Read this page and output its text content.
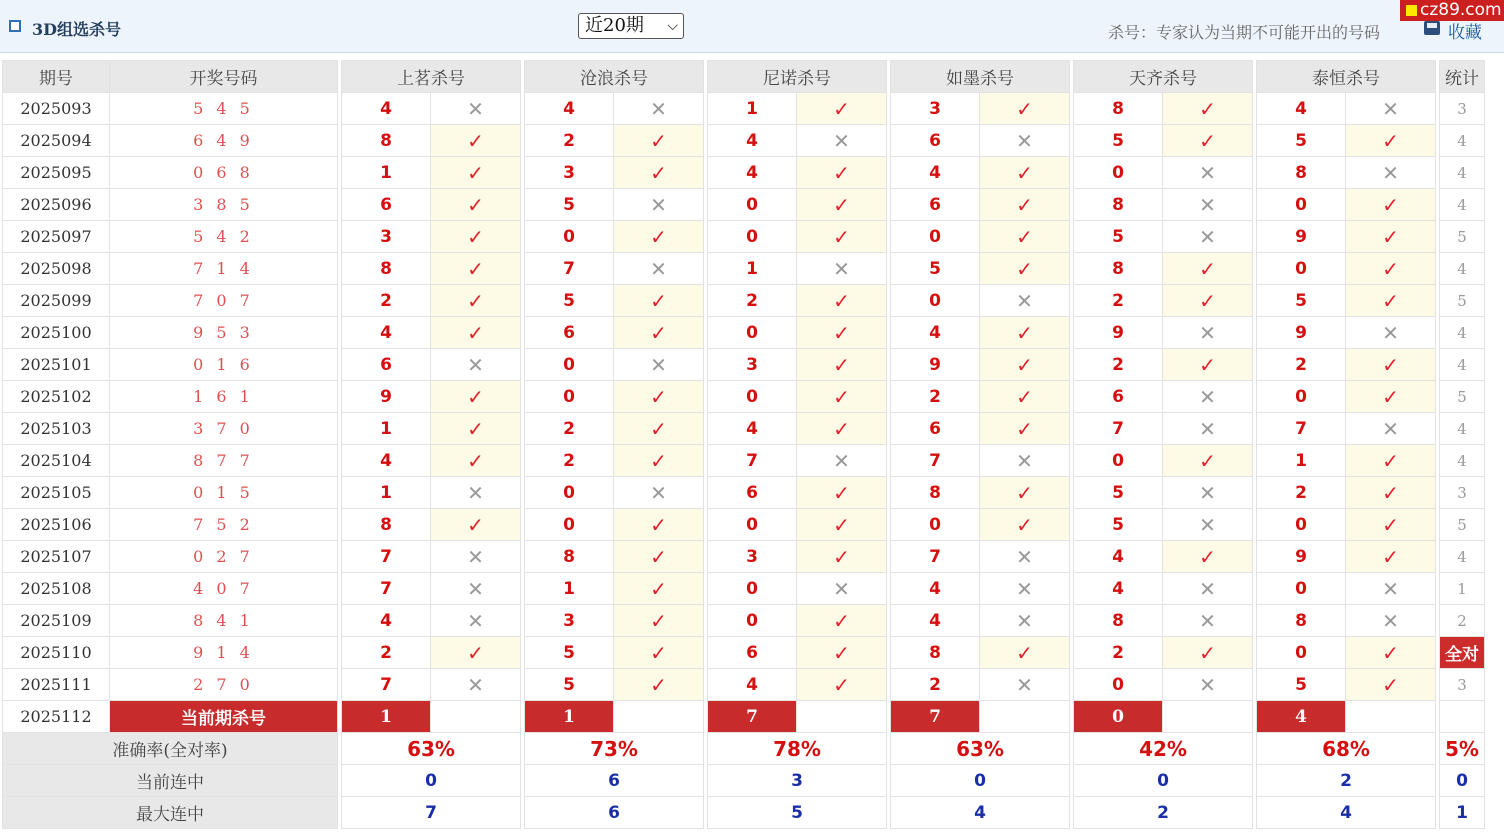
3D组选杀号	近20期 ⌵	杀号：专家认为当期不可能开出的号码	收藏
cz89.com
期号	开奖号码		上茗杀号			沧浪杀号			尼诺杀号			如墨杀号			天齐杀号			泰恒杀号			统计
2025093	5 4 5		4	✕		4	✕		1	✓		3	✓		8	✓		4	✕		3
2025094	6 4 9		8	✓		2	✓		4	✕		6	✕		5	✓		5	✓		4
2025095	0 6 8		1	✓		3	✓		4	✓		4	✓		0	✕		8	✕		4
2025096	3 8 5		6	✓		5	✕		0	✓		6	✓		8	✕		0	✓		4
2025097	5 4 2		3	✓		0	✓		0	✓		0	✓		5	✕		9	✓		5
2025098	7 1 4		8	✓		7	✕		1	✕		5	✓		8	✓		0	✓		4
2025099	7 0 7		2	✓		5	✓		2	✓		0	✕		2	✓		5	✓		5
2025100	9 5 3		4	✓		6	✓		0	✓		4	✓		9	✕		9	✕		4
2025101	0 1 6		6	✕		0	✕		3	✓		9	✓		2	✓		2	✓		4
2025102	1 6 1		9	✓		0	✓		0	✓		2	✓		6	✕		0	✓		5
2025103	3 7 0		1	✓		2	✓		4	✓		6	✓		7	✕		7	✕		4
2025104	8 7 7		4	✓		2	✓		7	✕		7	✕		0	✓		1	✓		4
2025105	0 1 5		1	✕		0	✕		6	✓		8	✓		5	✕		2	✓		3
2025106	7 5 2		8	✓		0	✓		0	✓		0	✓		5	✕		0	✓		5
2025107	0 2 7		7	✕		8	✓		3	✓		7	✕		4	✓		9	✓		4
2025108	4 0 7		7	✕		1	✓		0	✕		4	✕		4	✕		0	✕		1
2025109	8 4 1		4	✕		3	✓		0	✓		4	✕		8	✕		8	✕		2
2025110	9 1 4		2	✓		5	✓		6	✓		8	✓		2	✓		0	✓		全对
2025111	2 7 0		7	✕		5	✓		4	✓		2	✕		0	✕		5	✓		3
2025112	当前期杀号		1			1			7			7			0			4			
准确率(全对率)			63%			73%			78%			63%			42%			68%			5%
当前连中			0			6			3			0			0			2			0
最大连中			7			6			5			4			2			4			1
